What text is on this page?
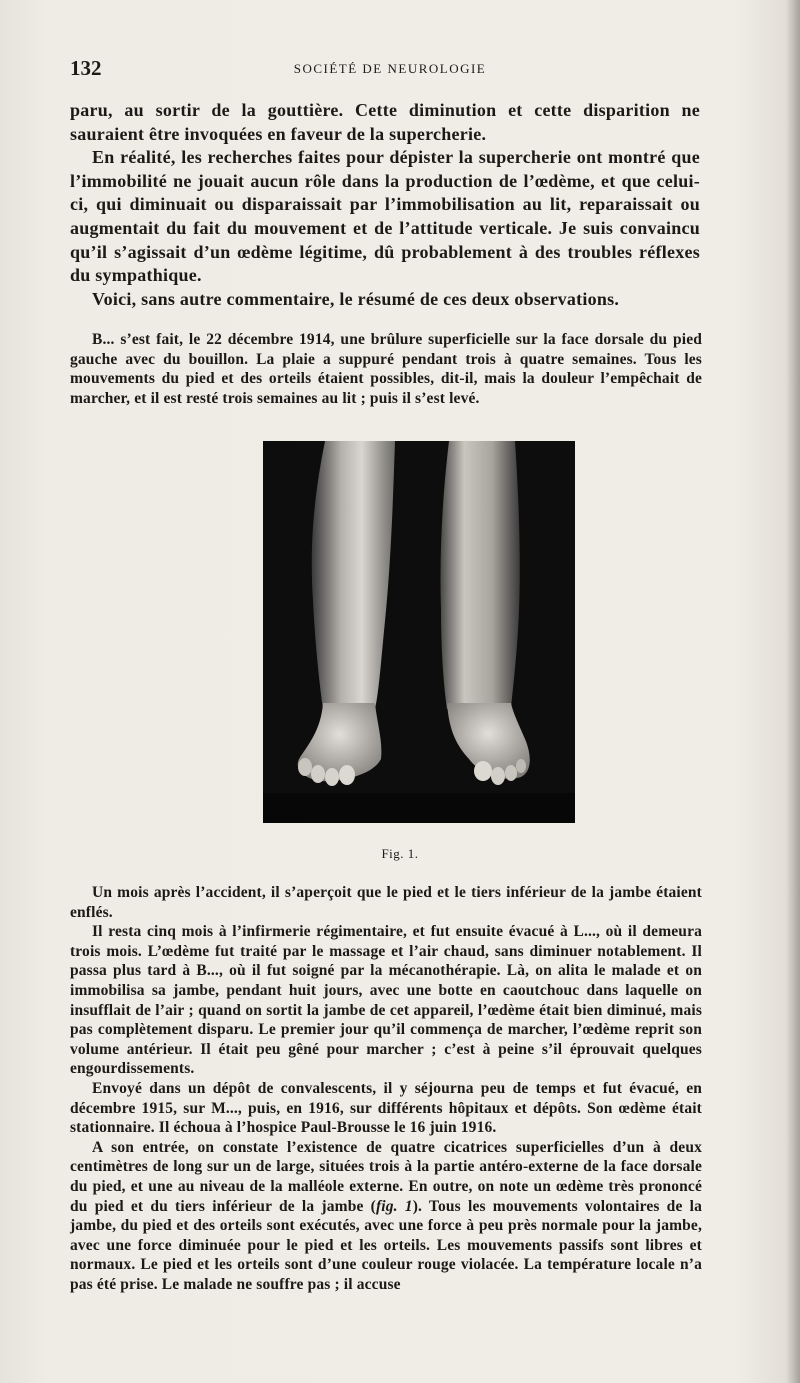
132	SOCIÉTÉ DE NEUROLOGIE

paru, au sortir de la gouttière. Cette diminution et cette disparition ne sauraient être invoquées en faveur de la supercherie.

En réalité, les recherches faites pour dépister la supercherie ont montré que l’immobilité ne jouait aucun rôle dans la production de l’œdème, et que celui-ci, qui diminuait ou disparaissait par l’immobilisation au lit, reparaissait ou augmentait du fait du mouvement et de l’attitude verticale. Je suis convaincu qu’il s’agissait d’un œdème légitime, dû probablement à des troubles réflexes du sympathique.

Voici, sans autre commentaire, le résumé de ces deux observations.

B... s’est fait, le 22 décembre 1914, une brûlure superficielle sur la face dorsale du pied gauche avec du bouillon. La plaie a suppuré pendant trois à quatre semaines. Tous les mouvements du pied et des orteils étaient possibles, dit-il, mais la douleur l’empêchait de marcher, et il est resté trois semaines au lit ; puis il s’est levé.

Fig. 1.

Un mois après l’accident, il s’aperçoit que le pied et le tiers inférieur de la jambe étaient enflés.

Il resta cinq mois à l’infirmerie régimentaire, et fut ensuite évacué à L..., où il demeura trois mois. L’œdème fut traité par le massage et l’air chaud, sans diminuer notablement. Il passa plus tard à B..., où il fut soigné par la mécanothérapie. Là, on alita le malade et on immobilisa sa jambe, pendant huit jours, avec une botte en caoutchouc dans laquelle on insufflait de l’air ; quand on sortit la jambe de cet appareil, l’œdème était bien diminué, mais pas complètement disparu. Le premier jour qu’il commença de marcher, l’œdème reprit son volume antérieur. Il était peu gêné pour marcher ; c’est à peine s’il éprouvait quelques engourdissements.

Envoyé dans un dépôt de convalescents, il y séjourna peu de temps et fut évacué, en décembre 1915, sur M..., puis, en 1916, sur différents hôpitaux et dépôts. Son œdème était stationnaire. Il échoua à l’hospice Paul-Brousse le 16 juin 1916.

A son entrée, on constate l’existence de quatre cicatrices superficielles d’un à deux centimètres de long sur un de large, situées trois à la partie antéro-externe de la face dorsale du pied, et une au niveau de la malléole externe. En outre, on note un œdème très prononcé du pied et du tiers inférieur de la jambe (fig. 1). Tous les mouvements volontaires de la jambe, du pied et des orteils sont exécutés, avec une force à peu près normale pour la jambe, avec une force diminuée pour le pied et les orteils. Les mouvements passifs sont libres et normaux. Le pied et les orteils sont d’une couleur rouge violacée. La température locale n’a pas été prise. Le malade ne souffre pas ; il accuse
